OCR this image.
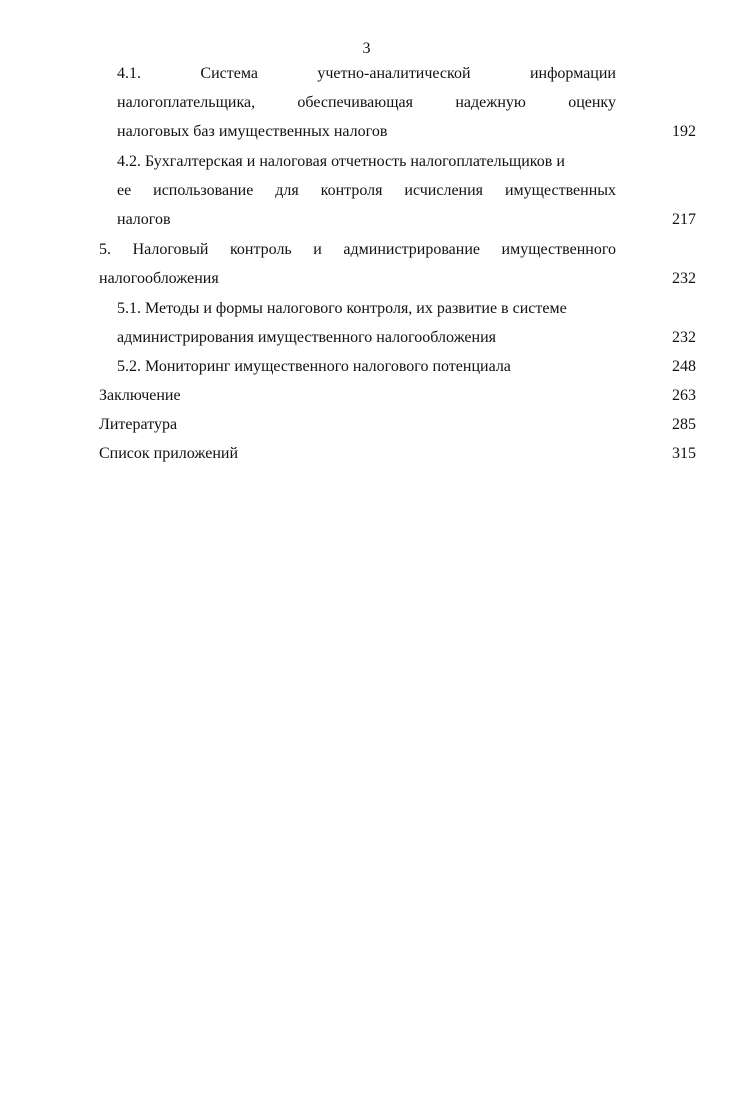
3
4.1.	Система	учетно-аналитической	информации
налогоплательщика,	обеспечивающая	надежную	оценку
налоговых баз имущественных налогов	192
4.2. Бухгалтерская и налоговая отчетность налогоплательщиков и
ее использование для контроля исчисления имущественных
налогов	217
5. Налоговый контроль и администрирование имущественного
налогообложения	232
5.1. Методы и формы налогового контроля, их развитие в системе
администрирования имущественного налогообложения	232
5.2. Мониторинг имущественного налогового потенциала	248
Заключение	263
Литература	285
Список приложений	315
